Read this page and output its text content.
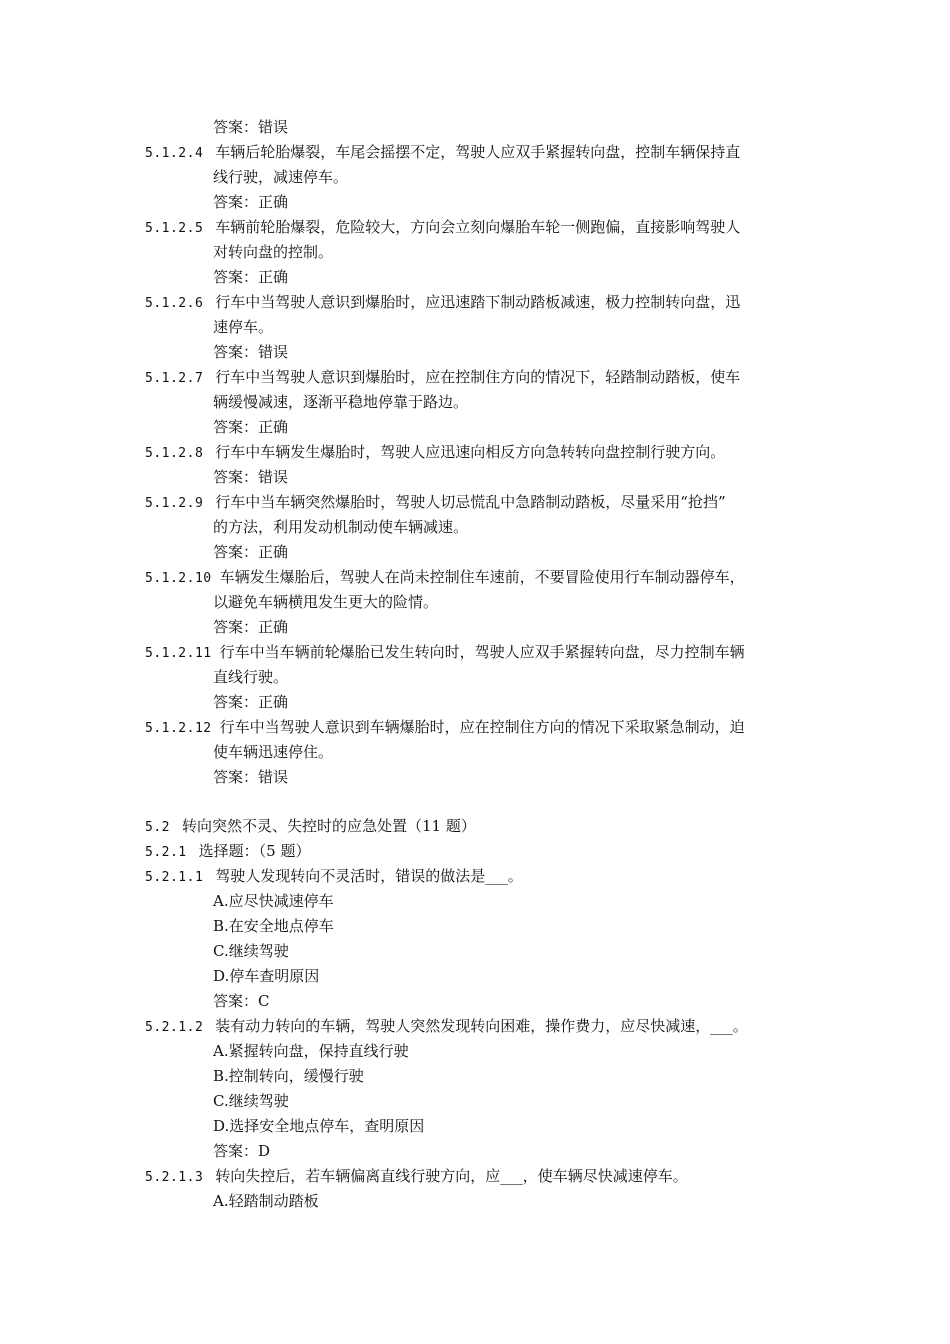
答案：错误
5.1.2.4 车辆后轮胎爆裂，车尾会摇摆不定，驾驶人应双手紧握转向盘，控制车辆保持直
线行驶，减速停车。
答案：正确
5.1.2.5 车辆前轮胎爆裂，危险较大，方向会立刻向爆胎车轮一侧跑偏，直接影响驾驶人
对转向盘的控制。
答案：正确
5.1.2.6 行车中当驾驶人意识到爆胎时，应迅速踏下制动踏板减速，极力控制转向盘，迅
速停车。
答案：错误
5.1.2.7 行车中当驾驶人意识到爆胎时，应在控制住方向的情况下，轻踏制动踏板，使车
辆缓慢减速，逐渐平稳地停靠于路边。
答案：正确
5.1.2.8 行车中车辆发生爆胎时，驾驶人应迅速向相反方向急转转向盘控制行驶方向。
答案：错误
5.1.2.9 行车中当车辆突然爆胎时，驾驶人切忌慌乱中急踏制动踏板，尽量采用“抢挡”
的方法，利用发动机制动使车辆减速。
答案：正确
5.1.2.10 车辆发生爆胎后，驾驶人在尚未控制住车速前，不要冒险使用行车制动器停车，
以避免车辆横甩发生更大的险情。
答案：正确
5.1.2.11 行车中当车辆前轮爆胎已发生转向时，驾驶人应双手紧握转向盘，尽力控制车辆
直线行驶。
答案：正确
5.1.2.12 行车中当驾驶人意识到车辆爆胎时，应在控制住方向的情况下采取紧急制动，迫
使车辆迅速停住。
答案：错误
5.2 转向突然不灵、失控时的应急处置（11 题）
5.2.1 选择题：（5 题）
5.2.1.1 驾驶人发现转向不灵活时，错误的做法是___。
A.应尽快减速停车
B.在安全地点停车
C.继续驾驶
D.停车查明原因
答案：C
5.2.1.2 装有动力转向的车辆，驾驶人突然发现转向困难，操作费力，应尽快减速，___。
A.紧握转向盘，保持直线行驶
B.控制转向，缓慢行驶
C.继续驾驶
D.选择安全地点停车，查明原因
答案：D
5.2.1.3 转向失控后，若车辆偏离直线行驶方向，应___，使车辆尽快减速停车。
A.轻踏制动踏板
